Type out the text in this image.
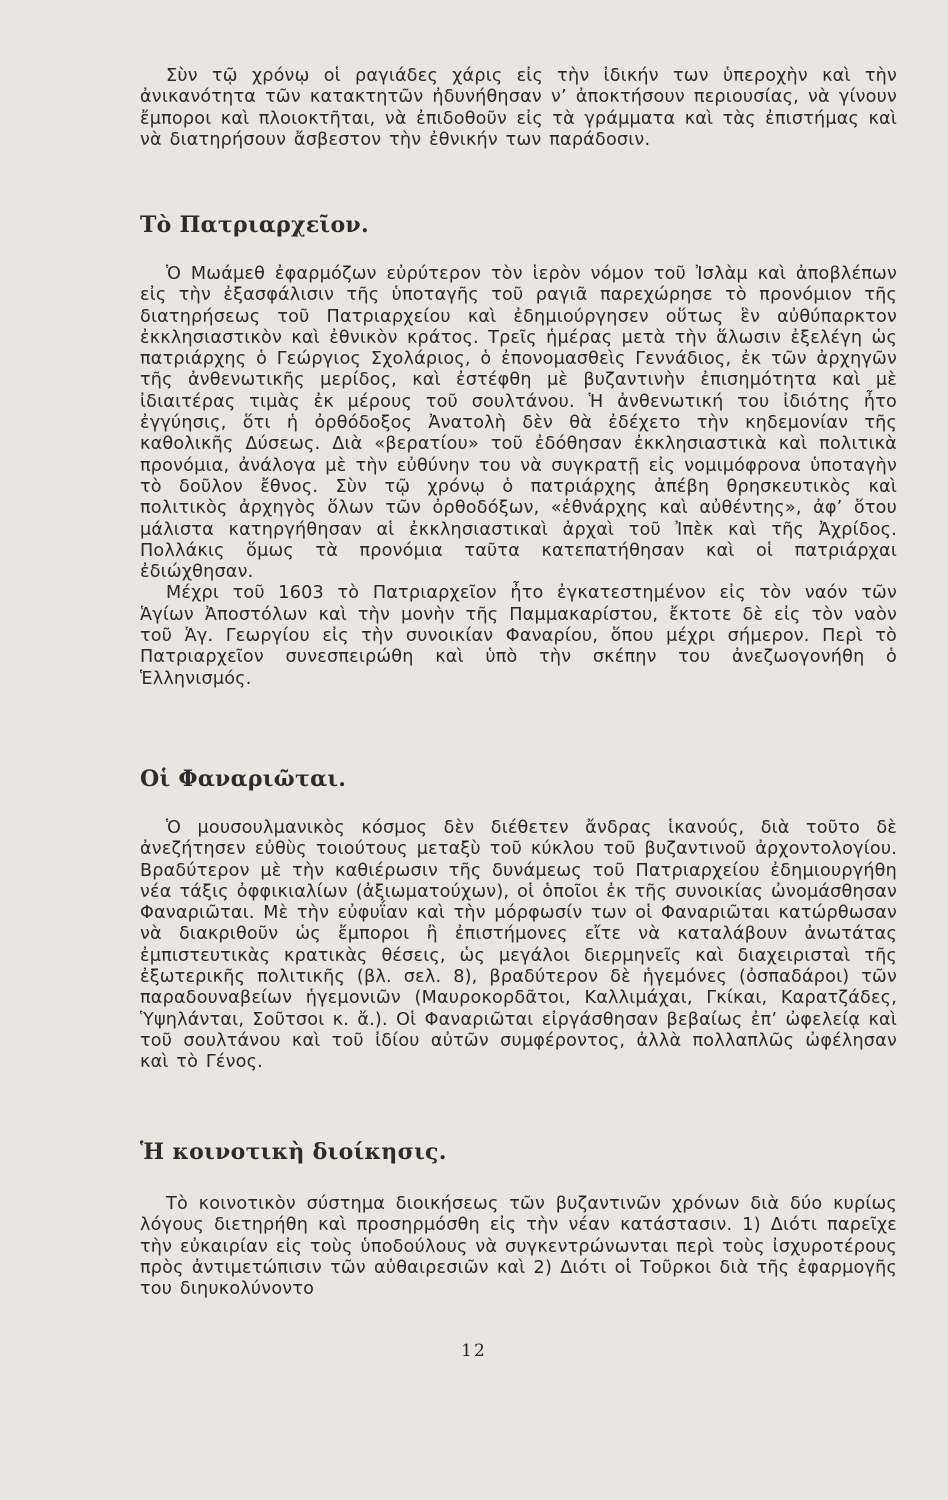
Σὺν τῷ χρόνῳ οἱ ραγιάδες χάρις εἰς τὴν ἰδικήν των ὑπεροχὴν καὶ τὴν ἀνικανότητα τῶν κατακτητῶν ἠδυνήθησαν ν’ ἀποκτήσουν περιουσίας, νὰ γίνουν ἔμποροι καὶ πλοιοκτῆται, νὰ ἐπιδοθοῦν εἰς τὰ γράμματα καὶ τὰς ἐπιστήμας καὶ νὰ διατηρήσουν ἄσβεστον τὴν ἐθνικήν των παράδοσιν.

Τὸ Πατριαρχεῖον.

Ὁ Μωάμεθ ἐφαρμόζων εὐρύτερον τὸν ἱερὸν νόμον τοῦ Ἰσλὰμ καὶ ἀποβλέπων εἰς τὴν ἐξασφάλισιν τῆς ὑποταγῆς τοῦ ραγιᾶ παρεχώρησε τὸ προνόμιον τῆς διατηρήσεως τοῦ Πατριαρχείου καὶ ἐδημιούργησεν οὕτως ἓν αὐθύπαρκτον ἐκκλησιαστικὸν καὶ ἐθνικὸν κράτος. Τρεῖς ἡμέρας μετὰ τὴν ἅλωσιν ἐξελέγη ὡς πατριάρχης ὁ Γεώργιος Σχολάριος, ὁ ἐπονομασθεὶς Γεννάδιος, ἐκ τῶν ἀρχηγῶν τῆς ἀνθενωτικῆς μερίδος, καὶ ἐστέφθη μὲ βυζαντινὴν ἐπισημότητα καὶ μὲ ἰδιαιτέρας τιμὰς ἐκ μέρους τοῦ σουλτάνου. Ἡ ἀνθενωτική του ἰδιότης ἦτο ἐγγύησις, ὅτι ἡ ὀρθόδοξος Ἀνατολὴ δὲν θὰ ἐδέχετο τὴν κηδεμονίαν τῆς καθολικῆς Δύσεως. Διὰ «βερατίου» τοῦ ἐδόθησαν ἐκκλησιαστικὰ καὶ πολιτικὰ προνόμια, ἀνάλογα μὲ τὴν εὐθύνην του νὰ συγκρατῇ εἰς νομιμόφρονα ὑποταγὴν τὸ δοῦλον ἔθνος. Σὺν τῷ χρόνῳ ὁ πατριάρχης ἀπέβη θρησκευτικὸς καὶ πολιτικὸς ἀρχηγὸς ὅλων τῶν ὀρθοδόξων, «ἐθνάρχης καὶ αὐθέντης», ἀφ’ ὅτου μάλιστα κατηργήθησαν αἱ ἐκκλησιαστικαὶ ἀρχαὶ τοῦ Ἰπὲκ καὶ τῆς Ἀχρίδος. Πολλάκις ὅμως τὰ προνόμια ταῦτα κατεπατήθησαν καὶ οἱ πατριάρχαι ἐδιώχθησαν.

Μέχρι τοῦ 1603 τὸ Πατριαρχεῖον ἦτο ἐγκατεστημένον εἰς τὸν ναόν τῶν Ἁγίων Ἀποστόλων καὶ τὴν μονὴν τῆς Παμμακαρίστου, ἔκτοτε δὲ εἰς τὸν ναὸν τοῦ Ἁγ. Γεωργίου εἰς τὴν συνοικίαν Φαναρίου, ὅπου μέχρι σήμερον. Περὶ τὸ Πατριαρχεῖον συνεσπειρώθη καὶ ὑπὸ τὴν σκέπην του ἀνεζωογονήθη ὁ Ἑλληνισμός.

Οἱ Φαναριῶται.

Ὁ μουσουλμανικὸς κόσμος δὲν διέθετεν ἄνδρας ἱκανούς, διὰ τοῦτο δὲ ἀνεζήτησεν εὐθὺς τοιούτους μεταξὺ τοῦ κύκλου τοῦ βυζαντινοῦ ἀρχοντολογίου. Βραδύτερον μὲ τὴν καθιέρωσιν τῆς δυνάμεως τοῦ Πατριαρχείου ἐδημιουργήθη νέα τάξις ὀφφικιαλίων (ἀξιωματούχων), οἱ ὁποῖοι ἐκ τῆς συνοικίας ὠνομάσθησαν Φαναριῶται. Μὲ τὴν εὐφυΐαν καὶ τὴν μόρφωσίν των οἱ Φαναριῶται κατώρθωσαν νὰ διακριθοῦν ὡς ἔμποροι ἢ ἐπιστήμονες εἴτε νὰ καταλάβουν ἀνωτάτας ἐμπιστευτικὰς κρατικὰς θέσεις, ὡς μεγάλοι διερμηνεῖς καὶ διαχειρισταὶ τῆς ἐξωτερικῆς πολιτικῆς (βλ. σελ. 8), βραδύτερον δὲ ἡγεμόνες (ὀσπαδάροι) τῶν παραδουναβείων ἡγεμονιῶν (Μαυροκορδᾶτοι, Καλλιμάχαι, Γκίκαι, Καρατζάδες, Ὑψηλάνται, Σοῦτσοι κ. ἄ.). Οἱ Φαναριῶται εἰργάσθησαν βεβαίως ἐπ’ ὠφελείᾳ καὶ τοῦ σουλτάνου καὶ τοῦ ἰδίου αὐτῶν συμφέροντος, ἀλλὰ πολλαπλῶς ὠφέλησαν καὶ τὸ Γένος.

Ἡ κοινοτικὴ διοίκησις.

Τὸ κοινοτικὸν σύστημα διοικήσεως τῶν βυζαντινῶν χρόνων διὰ δύο κυρίως λόγους διετηρήθη καὶ προσηρμόσθη εἰς τὴν νέαν κατάστασιν. 1) Διότι παρεῖχε τὴν εὐκαιρίαν εἰς τοὺς ὑποδούλους νὰ συγκεντρώνωνται περὶ τοὺς ἰσχυροτέρους πρὸς ἀντιμετώπισιν τῶν αὐθαιρεσιῶν καὶ 2) Διότι οἱ Τοῦρκοι διὰ τῆς ἐφαρμογῆς του διηυκολύνοντο

12
